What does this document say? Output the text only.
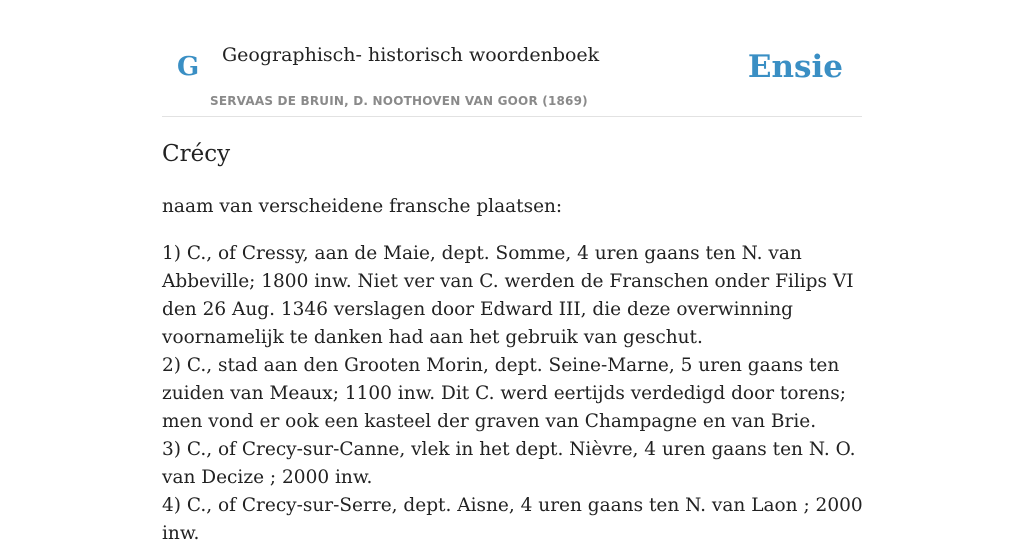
G Geographisch- historisch woordenboek
SERVAAS DE BRUIN, D. NOOTHOVEN VAN GOOR (1869)
Ensie
Crécy

naam van verscheidene fransche plaatsen:

1) C., of Cressy, aan de Maie, dept. Somme, 4 uren gaans ten N. van Abbeville; 1800 inw. Niet ver van C. werden de Franschen onder Filips VI den 26 Aug. 1346 verslagen door Edward III, die deze overwinning voornamelijk te danken had aan het gebruik van geschut.

2) C., stad aan den Grooten Morin, dept. Seine-Marne, 5 uren gaans ten zuiden van Meaux; 1100 inw. Dit C. werd eertijds verdedigd door torens; men vond er ook een kasteel der graven van Champagne en van Brie.

3) C., of Crecy-sur-Canne, vlek in het dept. Nièvre, 4 uren gaans ten N. O. van Decize ; 2000 inw.

4) C., of Crecy-sur-Serre, dept. Aisne, 4 uren gaans ten N. van Laon ; 2000 inw.
